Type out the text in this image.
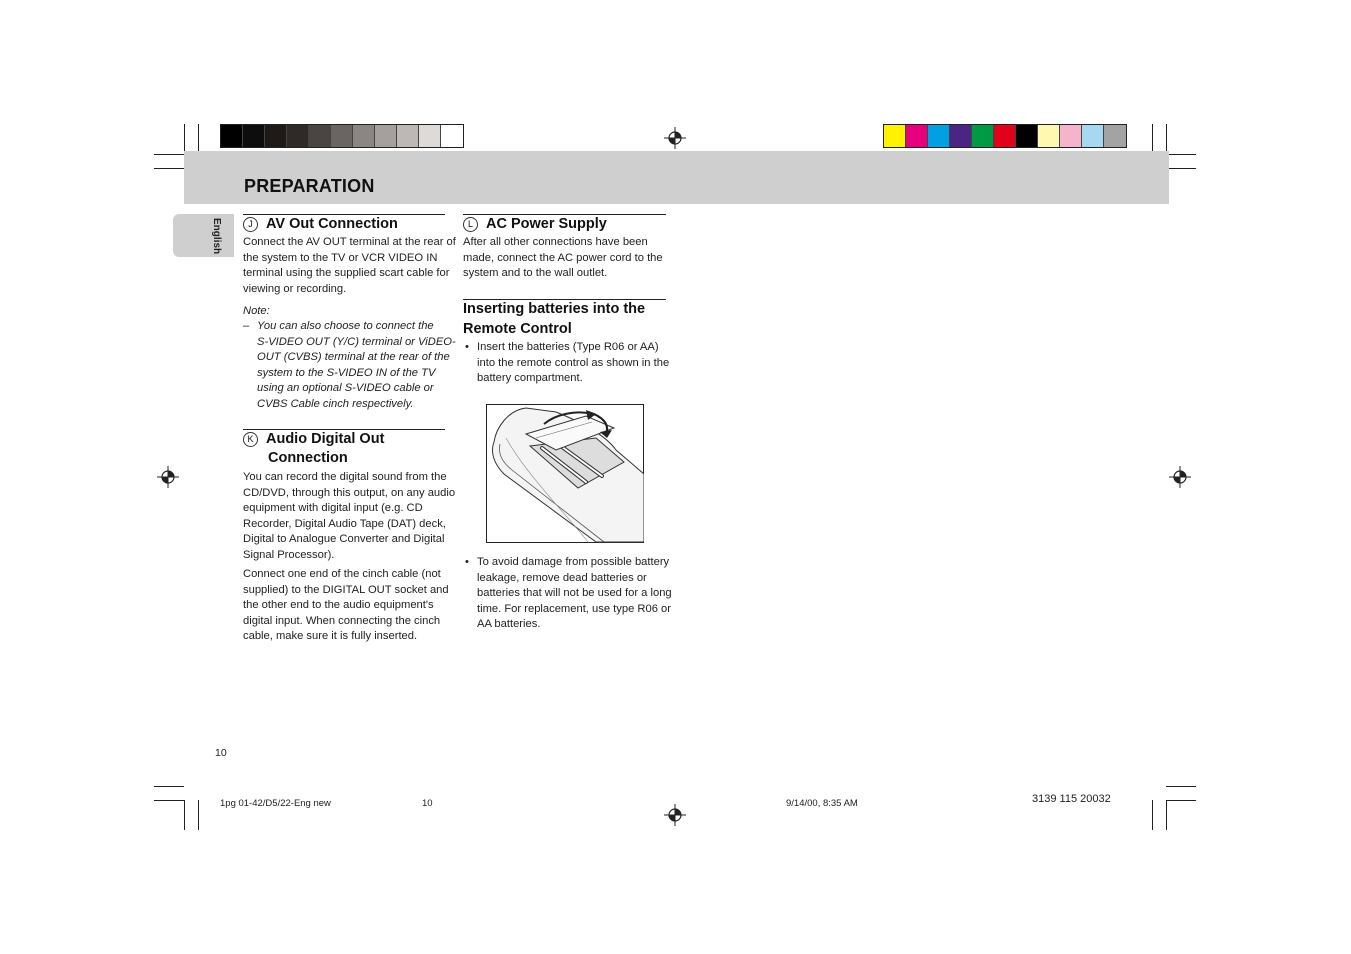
PREPARATION
English	J AV Out Connection
Connect the AV OUT terminal at the rear of
the system to the TV or VCR VIDEO IN
terminal using the supplied scart cable for
viewing or recording.
Note:
– You can also choose to connect the
S-VIDEO OUT (Y/C) terminal or ViDEO-
OUT (CVBS) terminal at the rear of the
system to the S-VIDEO IN of the TV
using an optional S-VIDEO cable or
CVBS Cable cinch respectively.
K Audio Digital Out
Connection
You can record the digital sound from the
CD/DVD, through this output, on any audio
equipment with digital input (e.g. CD
Recorder, Digital Audio Tape (DAT) deck,
Digital to Analogue Converter and Digital
Signal Processor).
Connect one end of the cinch cable (not
supplied) to the DIGITAL OUT socket and
the other end to the audio equipment's
digital input. When connecting the cinch
cable, make sure it is fully inserted.
L AC Power Supply
After all other connections have been
made, connect the AC power cord to the
system and to the wall outlet.
Inserting batteries into the
Remote Control
• Insert the batteries (Type R06 or AA)
into the remote control as shown in the
battery compartment.
• To avoid damage from possible battery
leakage, remove dead batteries or
batteries that will not be used for a long
time. For replacement, use type R06 or
AA batteries.
10
1pg 01-42/D5/22-Eng new	10	9/14/00, 8:35 AM	3139 115 20032
